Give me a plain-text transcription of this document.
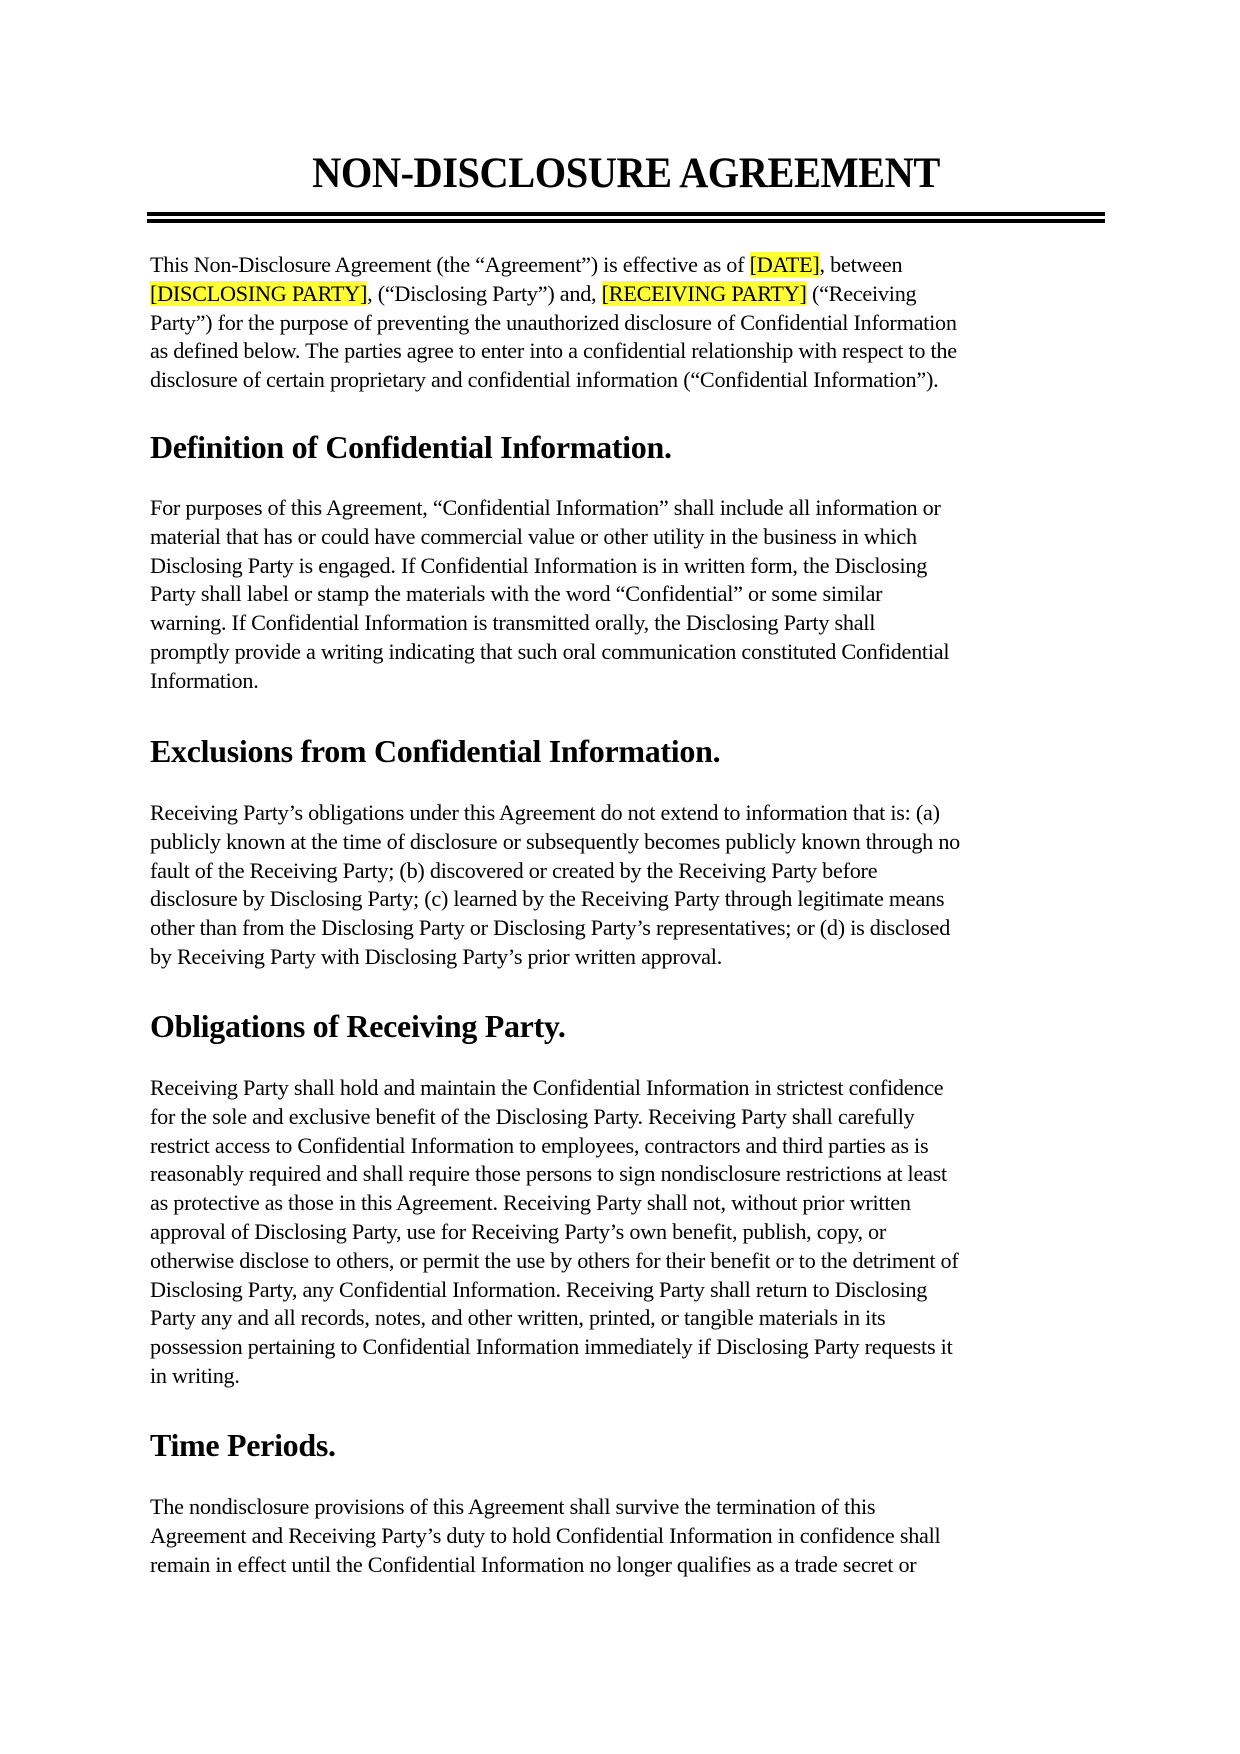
NON-DISCLOSURE AGREEMENT
This Non-Disclosure Agreement (the “Agreement”) is effective as of [DATE], between
[DISCLOSING PARTY], (“Disclosing Party”) and, [RECEIVING PARTY] (“Receiving
Party”) for the purpose of preventing the unauthorized disclosure of Confidential Information
as defined below. The parties agree to enter into a confidential relationship with respect to the
disclosure of certain proprietary and confidential information (“Confidential Information”).
Definition of Confidential Information.
For purposes of this Agreement, “Confidential Information” shall include all information or
material that has or could have commercial value or other utility in the business in which
Disclosing Party is engaged. If Confidential Information is in written form, the Disclosing
Party shall label or stamp the materials with the word “Confidential” or some similar
warning. If Confidential Information is transmitted orally, the Disclosing Party shall
promptly provide a writing indicating that such oral communication constituted Confidential
Information.
Exclusions from Confidential Information.
Receiving Party’s obligations under this Agreement do not extend to information that is: (a)
publicly known at the time of disclosure or subsequently becomes publicly known through no
fault of the Receiving Party; (b) discovered or created by the Receiving Party before
disclosure by Disclosing Party; (c) learned by the Receiving Party through legitimate means
other than from the Disclosing Party or Disclosing Party’s representatives; or (d) is disclosed
by Receiving Party with Disclosing Party’s prior written approval.
Obligations of Receiving Party.
Receiving Party shall hold and maintain the Confidential Information in strictest confidence
for the sole and exclusive benefit of the Disclosing Party. Receiving Party shall carefully
restrict access to Confidential Information to employees, contractors and third parties as is
reasonably required and shall require those persons to sign nondisclosure restrictions at least
as protective as those in this Agreement. Receiving Party shall not, without prior written
approval of Disclosing Party, use for Receiving Party’s own benefit, publish, copy, or
otherwise disclose to others, or permit the use by others for their benefit or to the detriment of
Disclosing Party, any Confidential Information. Receiving Party shall return to Disclosing
Party any and all records, notes, and other written, printed, or tangible materials in its
possession pertaining to Confidential Information immediately if Disclosing Party requests it
in writing.
Time Periods.
The nondisclosure provisions of this Agreement shall survive the termination of this
Agreement and Receiving Party’s duty to hold Confidential Information in confidence shall
remain in effect until the Confidential Information no longer qualifies as a trade secret or
